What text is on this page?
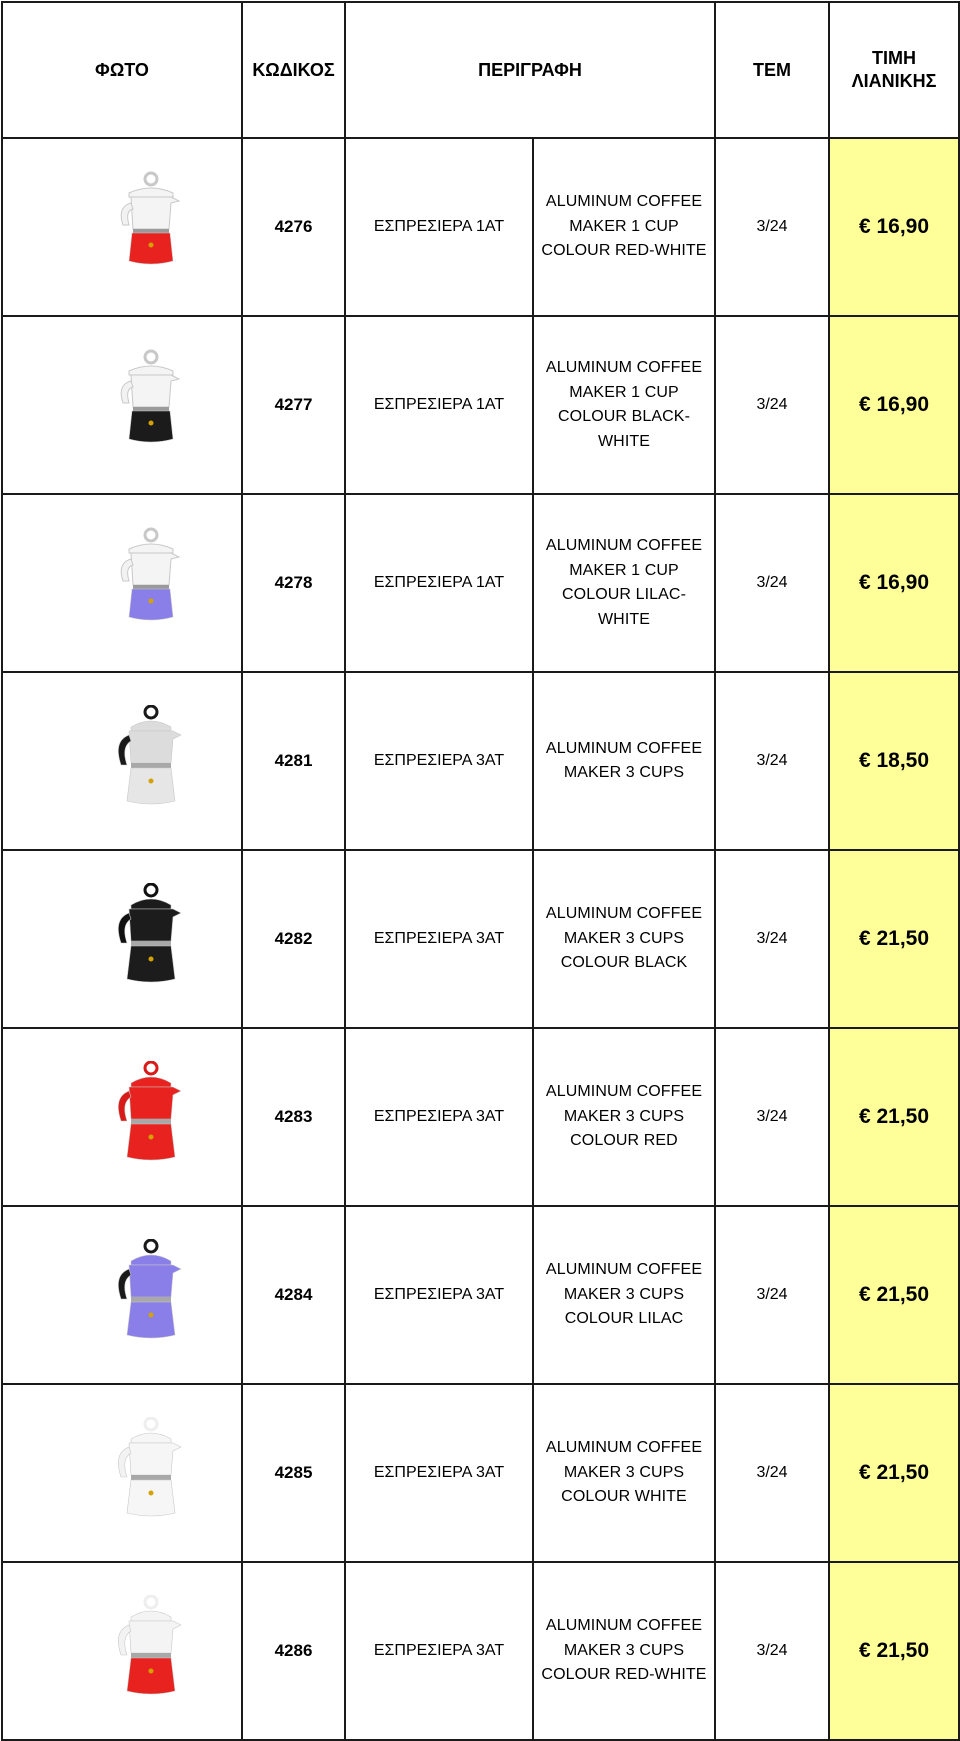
ΦΩΤΟ	ΚΩΔΙΚΟΣ	ΠΕΡΙΓΡΑΦΗ		ΤΕΜ	ΤΙΜΗ
ΛΙΑΝΙΚΗΣ

	4276	ΕΣΠΡΕΣΙΕΡΑ 1ΑΤ	ALUMINUM COFFEE
MAKER 1 CUP
COLOUR RED-WHITE	3/24	€ 16,90

	4277	ΕΣΠΡΕΣΙΕΡΑ 1ΑΤ	ALUMINUM COFFEE
MAKER 1 CUP
COLOUR BLACK-
WHITE	3/24	€ 16,90

	4278	ΕΣΠΡΕΣΙΕΡΑ 1ΑΤ	ALUMINUM COFFEE
MAKER 1 CUP
COLOUR LILAC-
WHITE	3/24	€ 16,90

	4281	ΕΣΠΡΕΣΙΕΡΑ 3ΑΤ	ALUMINUM COFFEE
MAKER 3 CUPS	3/24	€ 18,50

	4282	ΕΣΠΡΕΣΙΕΡΑ 3ΑΤ	ALUMINUM COFFEE
MAKER 3 CUPS
COLOUR BLACK	3/24	€ 21,50

	4283	ΕΣΠΡΕΣΙΕΡΑ 3ΑΤ	ALUMINUM COFFEE
MAKER 3 CUPS
COLOUR RED	3/24	€ 21,50

	4284	ΕΣΠΡΕΣΙΕΡΑ 3ΑΤ	ALUMINUM COFFEE
MAKER 3 CUPS
COLOUR LILAC	3/24	€ 21,50

	4285	ΕΣΠΡΕΣΙΕΡΑ 3ΑΤ	ALUMINUM COFFEE
MAKER 3 CUPS
COLOUR WHITE	3/24	€ 21,50

	4286	ΕΣΠΡΕΣΙΕΡΑ 3ΑΤ	ALUMINUM COFFEE
MAKER 3 CUPS
COLOUR RED-WHITE	3/24	€ 21,50
